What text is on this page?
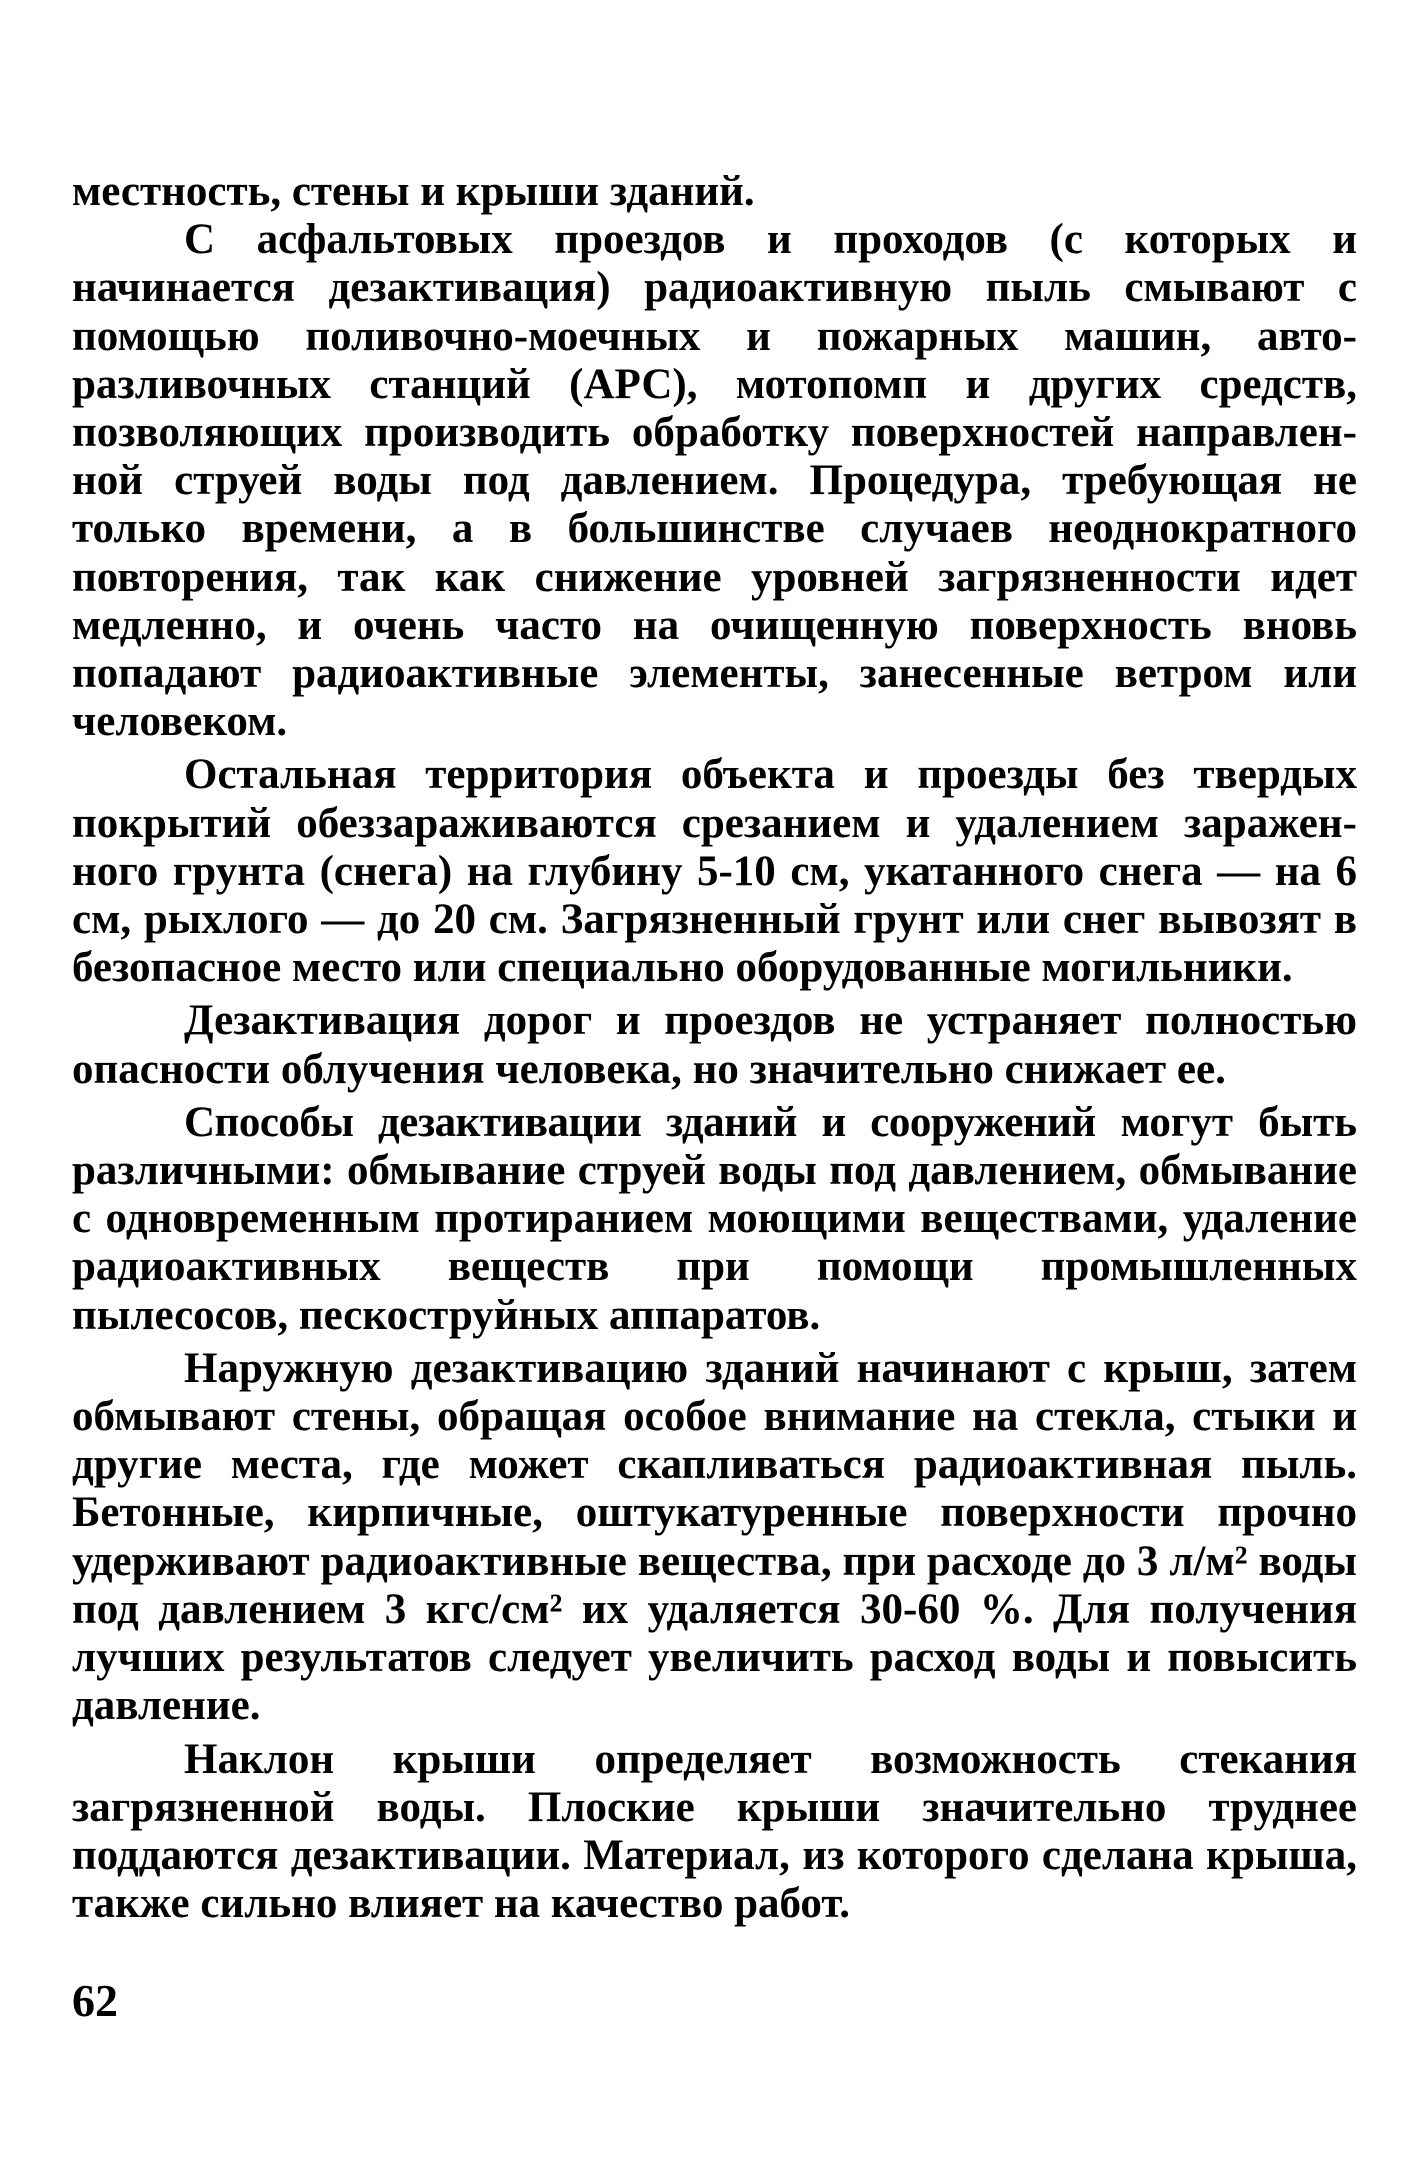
местность, стены и крыши зданий.

С асфальтовых проездов и проходов (с которых и начинается дезактивация) радиоактивную пыль смывают с помощью поливочно-моечных и пожарных машин, авторазливочных станций (АРС), мотопомп и других средств, позволяющих производить обработку поверхностей направленной струей воды под давлением. Процедура, требующая не только времени, а в большинстве случаев неоднократного повторения, так как снижение уровней загрязненности идет медленно, и очень часто на очищенную поверхность вновь попадают радиоактивные элементы, занесенные ветром или человеком.

Остальная территория объекта и проезды без твердых покрытий обеззараживаются срезанием и удалением зараженного грунта (снега) на глубину 5-10 см, укатанного снега — на 6 см, рыхлого — до 20 см. Загрязненный грунт или снег вывозят в безопасное место или специально оборудованные могильники.

Дезактивация дорог и проездов не устраняет полностью опасности облучения человека, но значительно снижает ее.

Способы дезактивации зданий и сооружений могут быть различными: обмывание струей воды под давлением, обмывание с одновременным протиранием моющими веществами, удаление радиоактивных веществ при помощи промышленных пылесосов, пескоструйных аппаратов.

Наружную дезактивацию зданий начинают с крыш, затем обмывают стены, обращая особое внимание на стекла, стыки и другие места, где может скапливаться радиоактивная пыль. Бетонные, кирпичные, оштукатуренные поверхности прочно удерживают радиоактивные вещества, при расходе до 3 л/м² воды под давлением 3 кгс/см² их удаляется 30-60 %. Для получения лучших результатов следует увеличить расход воды и повысить давление.

Наклон крыши определяет возможность стекания загрязненной воды. Плоские крыши значительно труднее поддаются дезактивации. Материал, из которого сделана крыша, также сильно влияет на качество работ.

62
